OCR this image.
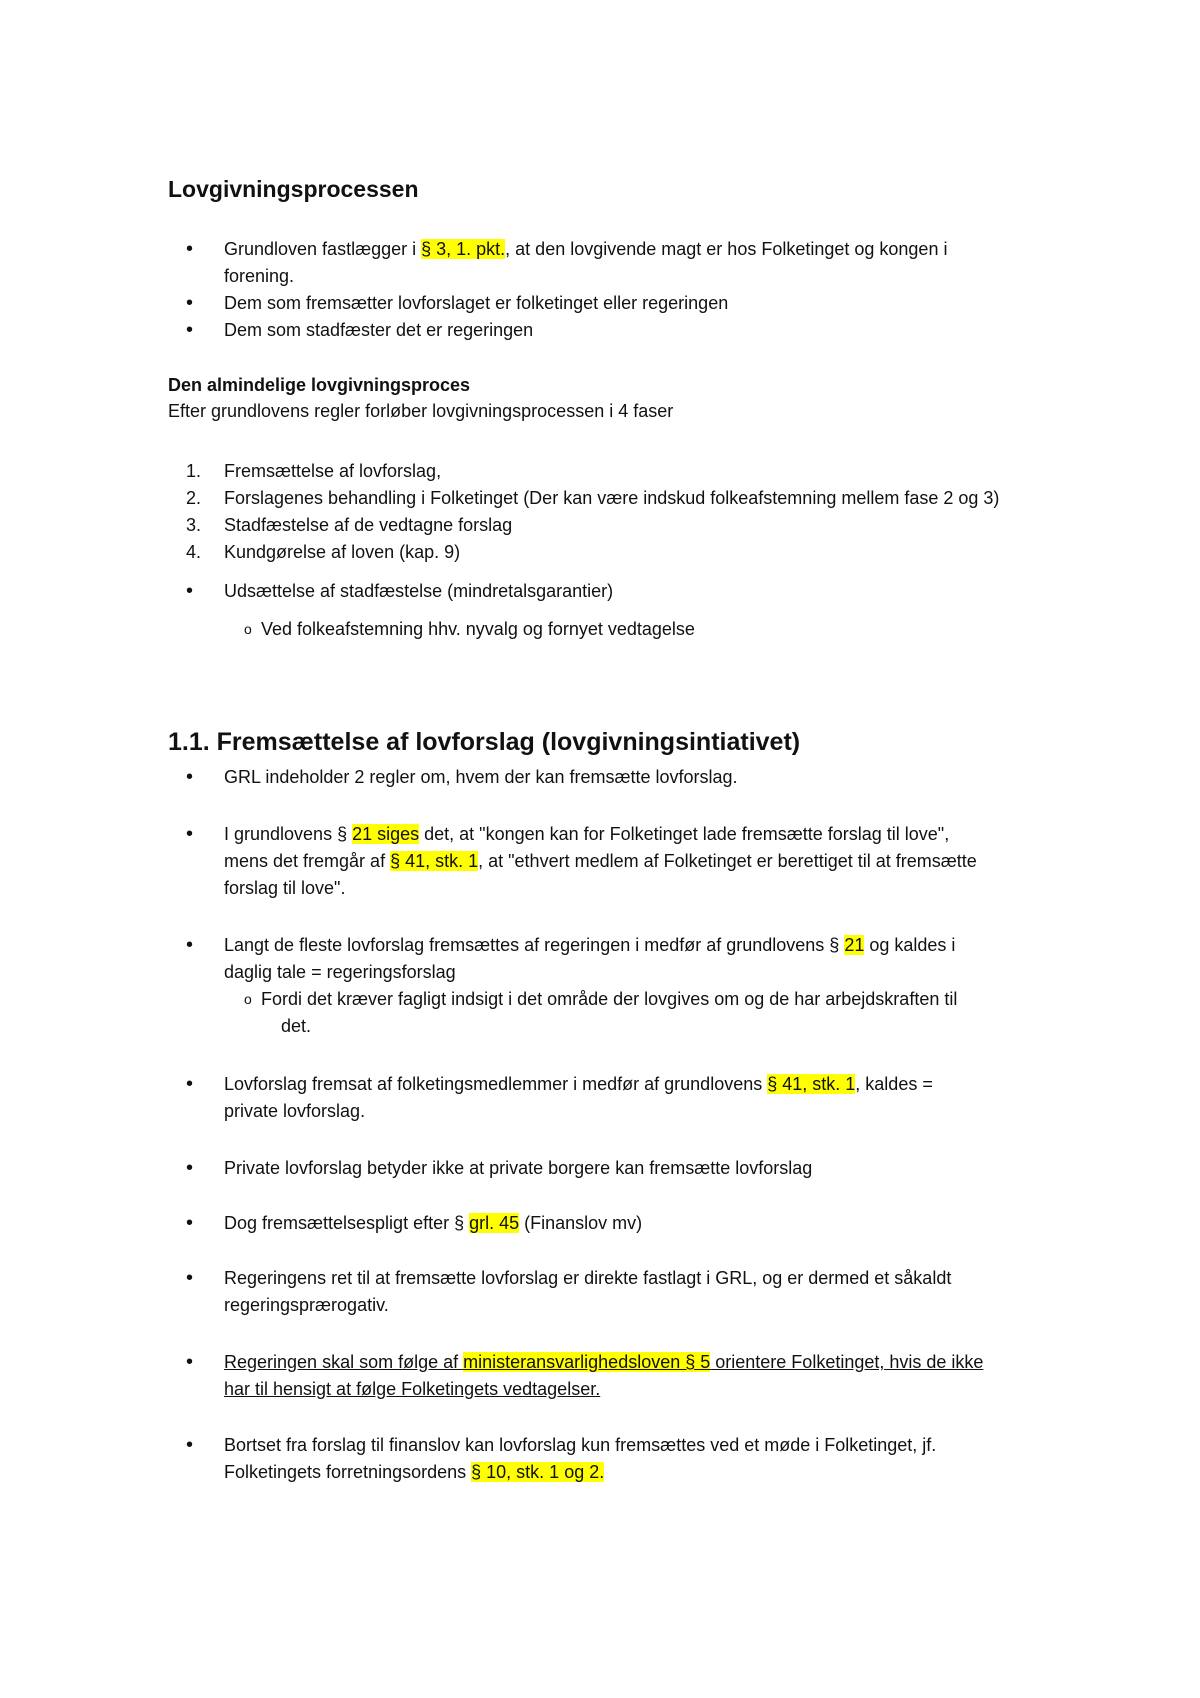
Lovgivningsprocessen
•	Grundloven fastlægger i § 3, 1. pkt., at den lovgivende magt er hos Folketinget og kongen i
forening.
•	Dem som fremsætter lovforslaget er folketinget eller regeringen
•	Dem som stadfæster det er regeringen
Den almindelige lovgivningsproces
Efter grundlovens regler forløber lovgivningsprocessen i 4 faser
1.	Fremsættelse af lovforslag,
2.	Forslagenes behandling i Folketinget (Der kan være indskud folkeafstemning mellem fase 2 og 3)
3.	Stadfæstelse af de vedtagne forslag
4.	Kundgørelse af loven (kap. 9)
•	Udsættelse af stadfæstelse (mindretalsgarantier)
o Ved folkeafstemning hhv. nyvalg og fornyet vedtagelse
1.1. Fremsættelse af lovforslag (lovgivningsintiativet)
•	GRL indeholder 2 regler om, hvem der kan fremsætte lovforslag.
•	I grundlovens § 21 siges det, at "kongen kan for Folketinget lade fremsætte forslag til love",
mens det fremgår af § 41, stk. 1, at "ethvert medlem af Folketinget er berettiget til at fremsætte
forslag til love".
•	Langt de fleste lovforslag fremsættes af regeringen i medfør af grundlovens § 21 og kaldes i
daglig tale = regeringsforslag
o Fordi det kræver fagligt indsigt i det område der lovgives om og de har arbejdskraften til
det.
•	Lovforslag fremsat af folketingsmedlemmer i medfør af grundlovens § 41, stk. 1, kaldes =
private lovforslag.
•	Private lovforslag betyder ikke at private borgere kan fremsætte lovforslag
•	Dog fremsættelsespligt efter § grl. 45 (Finanslov mv)
•	Regeringens ret til at fremsætte lovforslag er direkte fastlagt i GRL, og er dermed et såkaldt
regeringsprærogativ.
•	Regeringen skal som følge af ministeransvarlighedsloven § 5 orientere Folketinget, hvis de ikke
har til hensigt at følge Folketingets vedtagelser.
•	Bortset fra forslag til finanslov kan lovforslag kun fremsættes ved et møde i Folketinget, jf.
Folketingets forretningsordens § 10, stk. 1 og 2.
